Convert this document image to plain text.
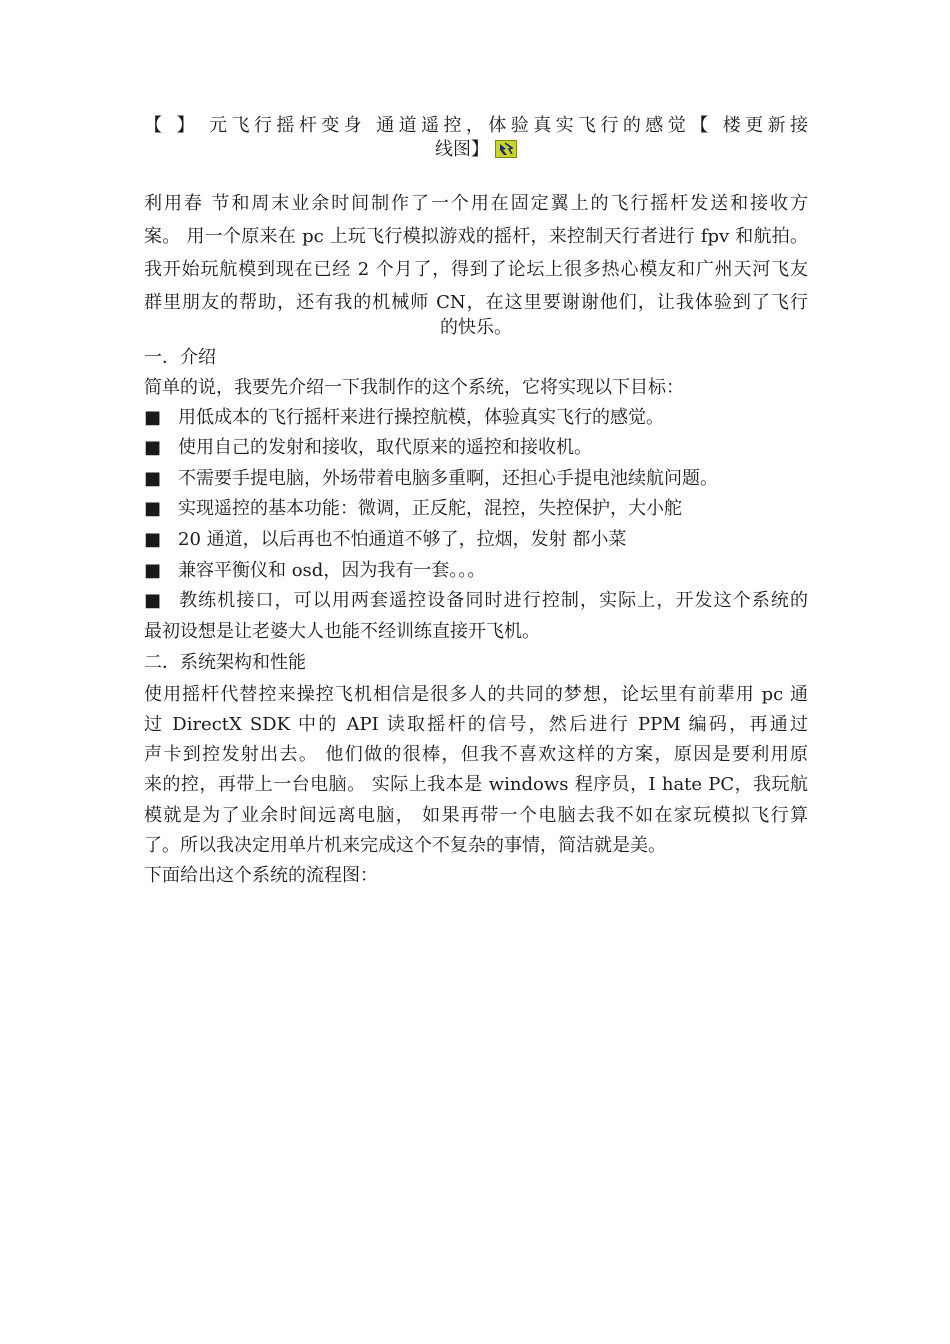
【 】 元飞行摇杆变身 通道遥控，体验真实飞行的感觉【 楼更新接
线图】
利用春 节和周末业余时间制作了一个用在固定翼上的飞行摇杆发送和接收方
案。 用一个原来在 pc 上玩飞行模拟游戏的摇杆，来控制天行者进行 fpv 和航拍。
我开始玩航模到现在已经 2 个月了，得到了论坛上很多热心模友和广州天河飞友
群里朋友的帮助，还有我的机械师 CN，在这里要谢谢他们，让我体验到了飞行
的快乐。
一．介绍
简单的说，我要先介绍一下我制作的这个系统，它将实现以下目标：
■ 用低成本的飞行摇杆来进行操控航模，体验真实飞行的感觉。
■ 使用自己的发射和接收，取代原来的遥控和接收机。
■ 不需要手提电脑，外场带着电脑多重啊，还担心手提电池续航问题。
■ 实现遥控的基本功能：微调，正反舵，混控，失控保护，大小舵
■ 20 通道，以后再也不怕通道不够了，拉烟，发射 都小菜
■ 兼容平衡仪和 osd，因为我有一套。。。
■ 教练机接口，可以用两套遥控设备同时进行控制，实际上，开发这个系统的
最初设想是让老婆大人也能不经训练直接开飞机。
二．系统架构和性能
使用摇杆代替控来操控飞机相信是很多人的共同的梦想，论坛里有前辈用 pc 通
过 DirectX SDK 中的 API 读取摇杆的信号，然后进行 PPM 编码，再通过
声卡到控发射出去。 他们做的很棒，但我不喜欢这样的方案，原因是要利用原
来的控，再带上一台电脑。 实际上我本是 windows 程序员，I hate PC，我玩航
模就是为了业余时间远离电脑， 如果再带一个电脑去我不如在家玩模拟飞行算
了。所以我决定用单片机来完成这个不复杂的事情，简洁就是美。
下面给出这个系统的流程图：
